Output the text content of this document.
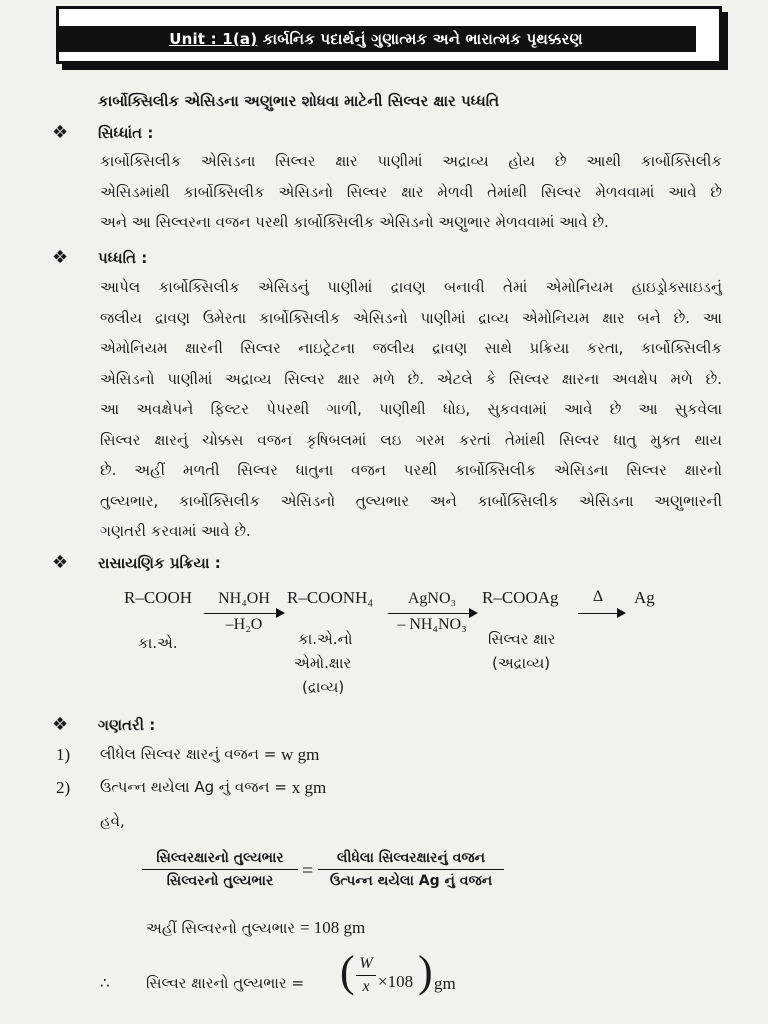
Unit : 1(a)
કાર્બનિક પદાર્થનું ગુણાત્મક અને ભારાત્મક પૃથક્કરણ
કાર્બોક્સિલીક એસિડના અણુભાર શોધવા માટેની સિલ્વર ક્ષાર પધ્ધતિ
❖	સિધ્ધાંત :
કાર્બોક્સિલીક એસિડના સિલ્વર ક્ષાર પાણીમાં અદ્રાવ્ય હોય છે આથી કાર્બોક્સિલીક
એસિડમાંથી કાર્બોક્સિલીક એસિડનો સિલ્વર ક્ષાર મેળવી તેમાંથી સિલ્વર મેળવવામાં આવે છે
અને આ સિલ્વરના વજન પરથી કાર્બોક્સિલીક એસિડનો અણુભાર મેળવવામાં આવે છે.
❖	પધ્ધતિ :
આપેલ કાર્બોક્સિલીક એસિડનું પાણીમાં દ્રાવણ બનાવી તેમાં એમોનિયમ હાઇડ્રોક્સાઇડનું
જલીય દ્રાવણ ઉમેરતા કાર્બોક્સિલીક એસિડનો પાણીમાં દ્રાવ્ય એમોનિયમ ક્ષાર બને છે. આ
એમોનિયમ ક્ષારની સિલ્વર નાઇટ્રેટના જલીય દ્રાવણ સાથે પ્રક્રિયા કરતા, કાર્બોક્સિલીક
એસિડનો પાણીમાં અદ્રાવ્ય સિલ્વર ક્ષાર મળે છે. એટલે કે સિલ્વર ક્ષારના અવક્ષેપ મળે છે.
આ અવક્ષેપને ફિલ્ટર પેપરથી ગાળી, પાણીથી ધોઇ, સુકવવામાં આવે છે આ સુકવેલા
સિલ્વર ક્ષારનું ચોક્કસ વજન કૃષિબલમાં લઇ ગરમ કરતાં તેમાંથી સિલ્વર ધાતુ મુક્ત થાય
છે. અહીં મળતી સિલ્વર ધાતુના વજન પરથી કાર્બોક્સિલીક એસિડના સિલ્વર ક્ષારનો
તુલ્યભાર, કાર્બોક્સિલીક એસિડનો તુલ્યભાર અને કાર્બોક્સિલીક એસિડના અણુભારની
ગણતરી કરવામાં આવે છે.
❖	રાસાયણિક પ્રક્રિયા :
R–COOH
કા.એ.
NH₄OH
–H₂O
R–COONH₄
કા.એ.નો
એમો.ક્ષાર
(દ્રાવ્ય)
AgNO₃
– NH₄NO₃
R–COOAg
સિલ્વર ક્ષાર
(અદ્રાવ્ય)
Δ	Ag
❖	ગણતરી :
1)	લીધેલ સિલ્વર ક્ષારનું વજન =
w gm
2)	ઉત્પન્ન થયેલા Ag નું વજન =
x gm
હવે,
સિલ્વરક્ષારનો તુલ્યભાર
સિલ્વરનો તુલ્યભાર	=
લીધેલા સિલ્વરક્ષારનું વજન
ઉત્પન્ન થયેલા Ag નું વજન
અહીં સિલ્વરનો તુલ્યભાર = 108 gm
∴ સિલ્વર ક્ષારનો તુલ્યભાર = ( W
x ×108 ) gm
